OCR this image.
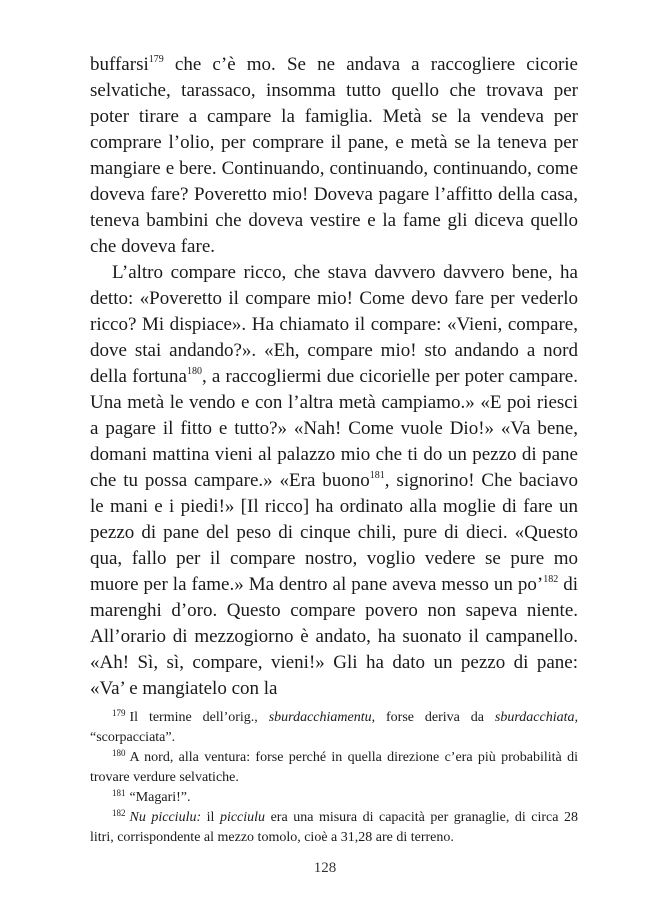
buffarsi$^{179}$ che c’è mo. Se ne andava a raccogliere cicorie selvatiche, tarassaco, insomma tutto quello che trovava per poter tirare a campare la famiglia. Metà se la vendeva per comprare l’olio, per comprare il pane, e metà se la teneva per mangiare e bere. Continuando, continuando, continuando, come doveva fare? Poveretto mio! Doveva pagare l’affitto della casa, teneva bambini che doveva vestire e la fame gli diceva quello che doveva fare.

L’altro compare ricco, che stava davvero davvero bene, ha detto: «Poveretto il compare mio! Come devo fare per vederlo ricco? Mi dispiace». Ha chiamato il compare: «Vieni, compare, dove stai andando?». «Eh, compare mio! sto andando a nord della fortuna$^{180}$, a raccogliermi due cicorielle per poter campare. Una metà le vendo e con l’altra metà campiamo.» «E poi riesci a pagare il fitto e tutto?» «Nah! Come vuole Dio!» «Va bene, domani mattina vieni al palazzo mio che ti do un pezzo di pane che tu possa campare.» «Era buono$^{181}$, signorino! Che baciavo le mani e i piedi!» [Il ricco] ha ordinato alla moglie di fare un pezzo di pane del peso di cinque chili, pure di dieci. «Questo qua, fallo per il compare nostro, voglio vedere se pure mo muore per la fame.» Ma dentro al pane aveva messo un po’$^{182}$ di marenghi d’oro. Questo compare povero non sapeva niente. All’orario di mezzogiorno è andato, ha suonato il campanello. «Ah! Sì, sì, compare, vieni!» Gli ha dato un pezzo di pane: «Va’ e mangiatelo con la

$^{179}$ Il termine dell’orig., sburdacchiamentu, forse deriva da sburdacchiata, “scorpacciata”.

$^{180}$ A nord, alla ventura: forse perché in quella direzione c’era più probabilità di trovare verdure selvatiche.

$^{181}$ “Magari!”.

$^{182}$ Nu picciulu: il picciulu era una misura di capacità per granaglie, di circa 28 litri, corrispondente al mezzo tomolo, cioè a 31,28 are di terreno.

128
